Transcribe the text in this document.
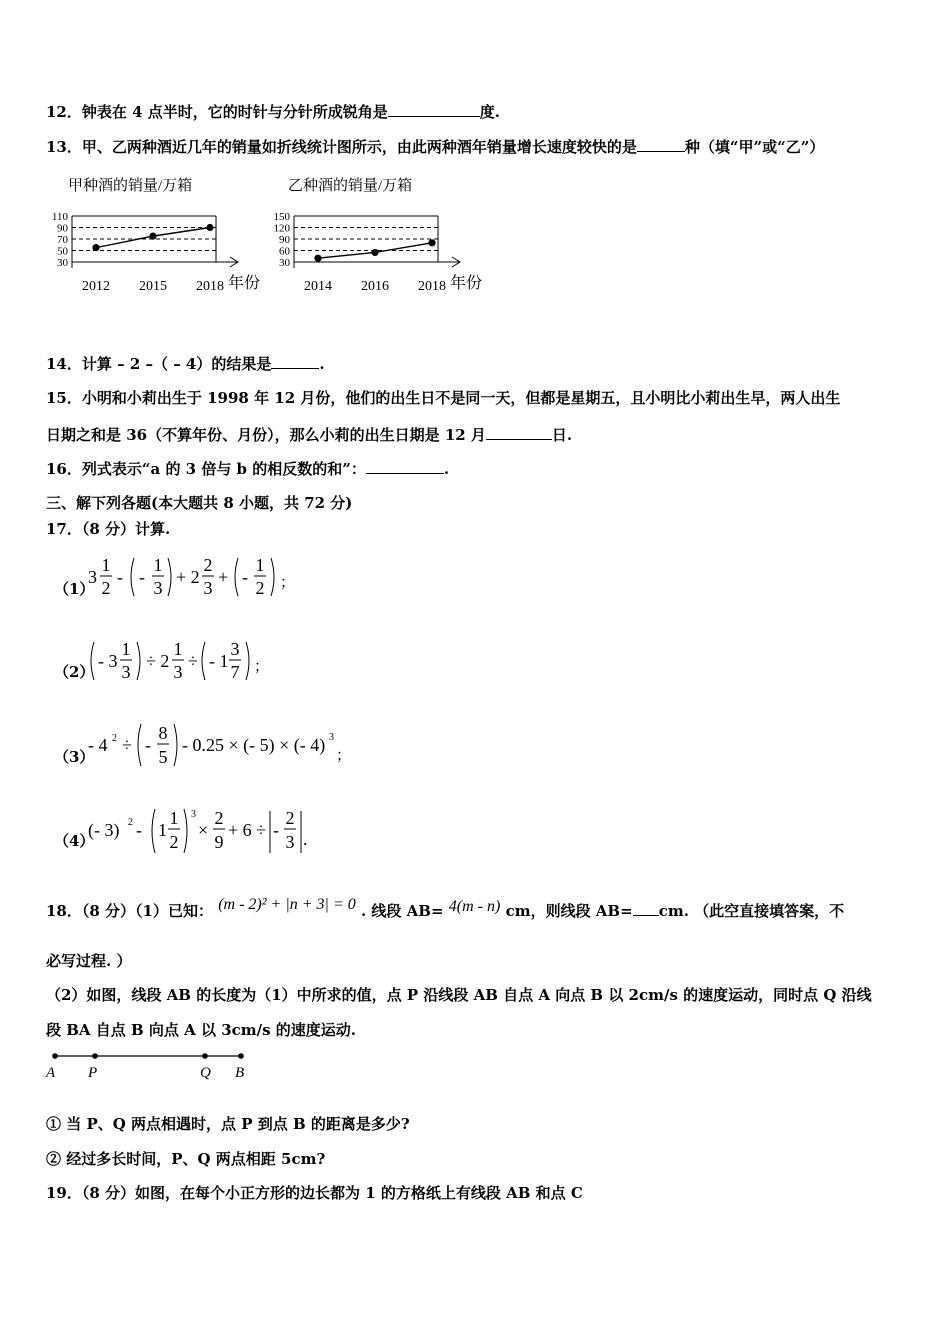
12．钟表在 4 点半时，它的时针与分针所成锐角是	度.
13．甲、乙两种酒近几年的销量如折线统计图所示，由此两种酒年销量增长速度较快的是	种（填“甲”或“乙”）
甲种酒的销量/万箱
110
90
70
50
30
2012 2015 2018 年份
乙种酒的销量/万箱
150
120
90
60
30
2014 2016 2018 年份
14．计算 – 2 –（ – 4）的结果是	.
15．小明和小莉出生于 1998 年 12 月份，他们的出生日不是同一天，但都是星期五，且小明比小莉出生早，两人出生
日期之和是 36（不算年份、月份），那么小莉的出生日期是 12 月	日.
16．列式表示“a 的 3 倍与 b 的相反数的和”：	.
三、解下列各题(本大题共 8 小题，共 72 分)
17．（8 分）计算.
（1）
（2）
（3）
（4）
3
1
2
- -
1
3
+ 2
2
3
+ -
1
2 ；
- 3
1
3
÷ 2
1
3
÷ - 1
3
7 ；
- 4 2 ÷ -
8
5
- 0.25 × (- 5) × (- 4) 3
；
(- 3) 2 - 1
1
2
3
×
2
9
+ 6 ÷ -
2
3 .
18．（8 分）（1）已知： (m - 2)² + |n + 3| = 0 . 线段 AB= 4(m - n) cm，则线段 AB= cm. （此空直接填答案，不
必写过程. ）
（2）如图，线段 AB 的长度为（1）中所求的值，点 P 沿线段 AB 自点 A 向点 B 以 2cm/s 的速度运动，同时点 Q 沿线
段 BA 自点 B 向点 A 以 3cm/s 的速度运动.
A P	Q B
① 当 P、Q 两点相遇时，点 P 到点 B 的距离是多少?
② 经过多长时间，P、Q 两点相距 5cm?
19．（8 分）如图，在每个小正方形的边长都为 1 的方格纸上有线段 AB 和点 C
